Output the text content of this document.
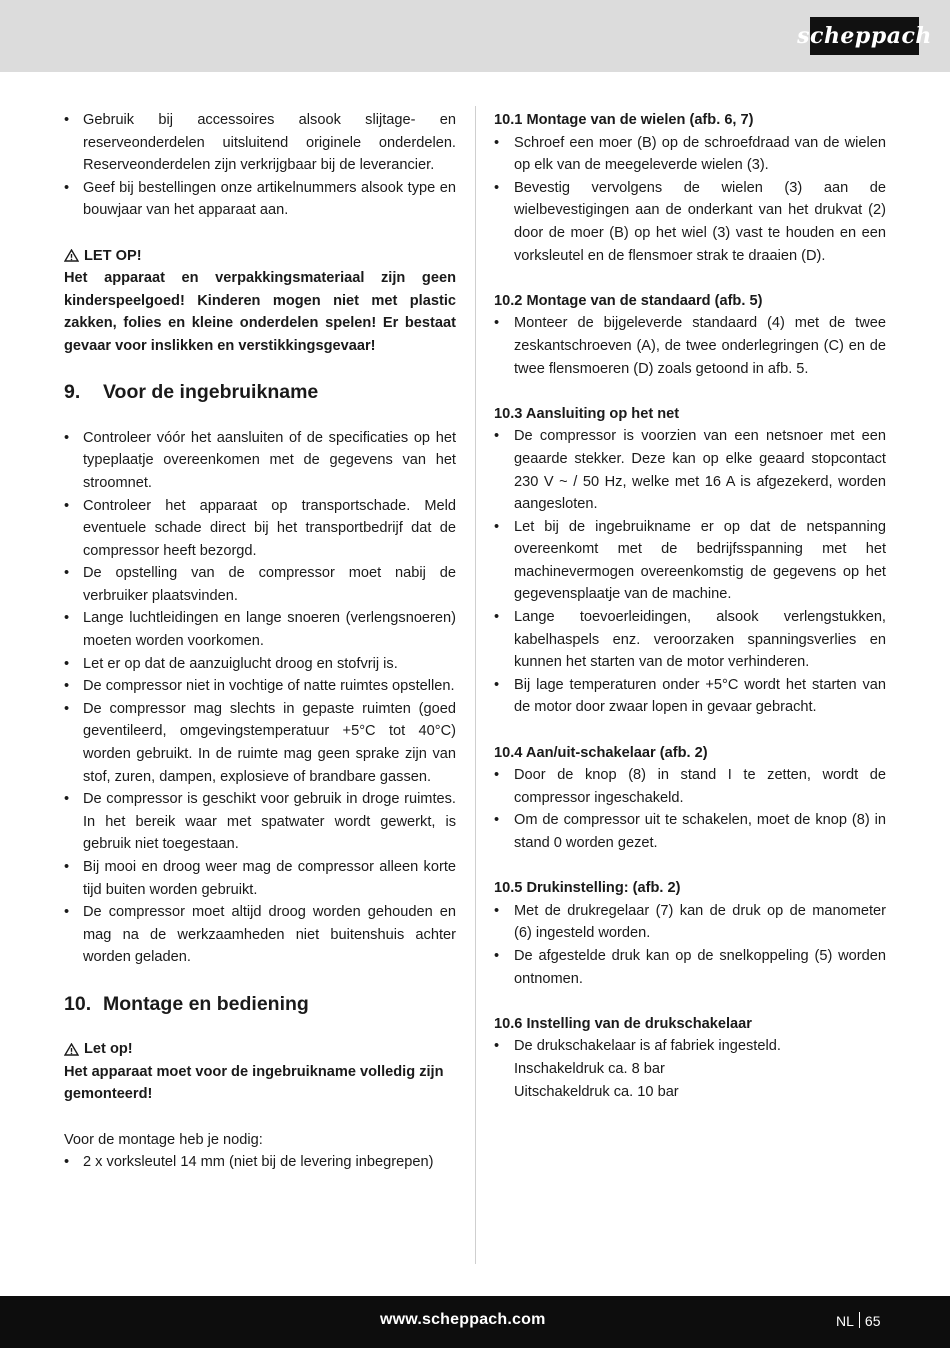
scheppach
• Gebruik bij accessoires alsook slijtage- en reserveonderdelen uitsluitend originele onderdelen. Reserveonderdelen zijn verkrijgbaar bij de leverancier.
• Geef bij bestellingen onze artikelnummers alsook type en bouwjaar van het apparaat aan.
LET OP!

Het apparaat en verpakkingsmateriaal zijn geen kinderspeelgoed! Kinderen mogen niet met plastic zakken, folies en kleine onderdelen spelen! Er bestaat gevaar voor inslikken en verstikkingsgevaar!

9.	Voor de ingebruikname
• Controleer vóór het aansluiten of de specificaties op het typeplaatje overeenkomen met de gegevens van het stroomnet.
• Controleer het apparaat op transportschade. Meld eventuele schade direct bij het transportbedrijf dat de compressor heeft bezorgd.
• De opstelling van de compressor moet nabij de verbruiker plaatsvinden.
• Lange luchtleidingen en lange snoeren (verlengsnoeren) moeten worden voorkomen.
• Let er op dat de aanzuiglucht droog en stofvrij is.
• De compressor niet in vochtige of natte ruimtes opstellen.
• De compressor mag slechts in gepaste ruimten (goed geventileerd, omgevingstemperatuur +5°C tot 40°C) worden gebruikt. In de ruimte mag geen sprake zijn van stof, zuren, dampen, explosieve of brandbare gassen.
• De compressor is geschikt voor gebruik in droge ruimtes. In het bereik waar met spatwater wordt gewerkt, is gebruik niet toegestaan.
• Bij mooi en droog weer mag de compressor alleen korte tijd buiten worden gebruikt.
• De compressor moet altijd droog worden gehouden en mag na de werkzaamheden niet buitenshuis achter worden geladen.
10. Montage en bediening
Let op!

Het apparaat moet voor de ingebruikname volledig zijn gemonteerd!

Voor de montage heb je nodig:

• 2 x vorksleutel 14 mm (niet bij de levering inbegrepen)

10.1 Montage van de wielen (afb. 6, 7)

• Schroef een moer (B) op de schroefdraad van de wielen op elk van de meegeleverde wielen (3).
• Bevestig vervolgens de wielen (3) aan de wielbevestigingen aan de onderkant van het drukvat (2) door de moer (B) op het wiel (3) vast te houden en een vorksleutel en de flensmoer strak te draaien (D).

10.2 Montage van de standaard (afb. 5)

• Monteer de bijgeleverde standaard (4) met de twee zeskantschroeven (A), de twee onderlegringen (C) en de twee flensmoeren (D) zoals getoond in afb. 5.

10.3 Aansluiting op het net

• De compressor is voorzien van een netsnoer met een geaarde stekker. Deze kan op elke geaard stopcontact 230 V ~ / 50 Hz, welke met 16 A is afgezekerd, worden aangesloten.
• Let bij de ingebruikname er op dat de netspanning overeenkomt met de bedrijfsspanning met het machinevermogen overeenkomstig de gegevens op het gegevensplaatje van de machine.
• Lange toevoerleidingen, alsook verlengstukken, kabelhaspels enz. veroorzaken spanningsverlies en kunnen het starten van de motor verhinderen.
• Bij lage temperaturen onder +5°C wordt het starten van de motor door zwaar lopen in gevaar gebracht.

10.4 Aan/uit-schakelaar (afb. 2)

• Door de knop (8) in stand I te zetten, wordt de compressor ingeschakeld.
• Om de compressor uit te schakelen, moet de knop (8) in stand 0 worden gezet.

10.5 Drukinstelling: (afb. 2)

• Met de drukregelaar (7) kan de druk op de manometer (6) ingesteld worden.
• De afgestelde druk kan op de snelkoppeling (5) worden ontnomen.

10.6 Instelling van de drukschakelaar

• De drukschakelaar is af fabriek ingesteld.
Inschakeldruk ca. 8 bar
Uitschakeldruk ca. 10 bar
www.scheppach.com	NL 65
